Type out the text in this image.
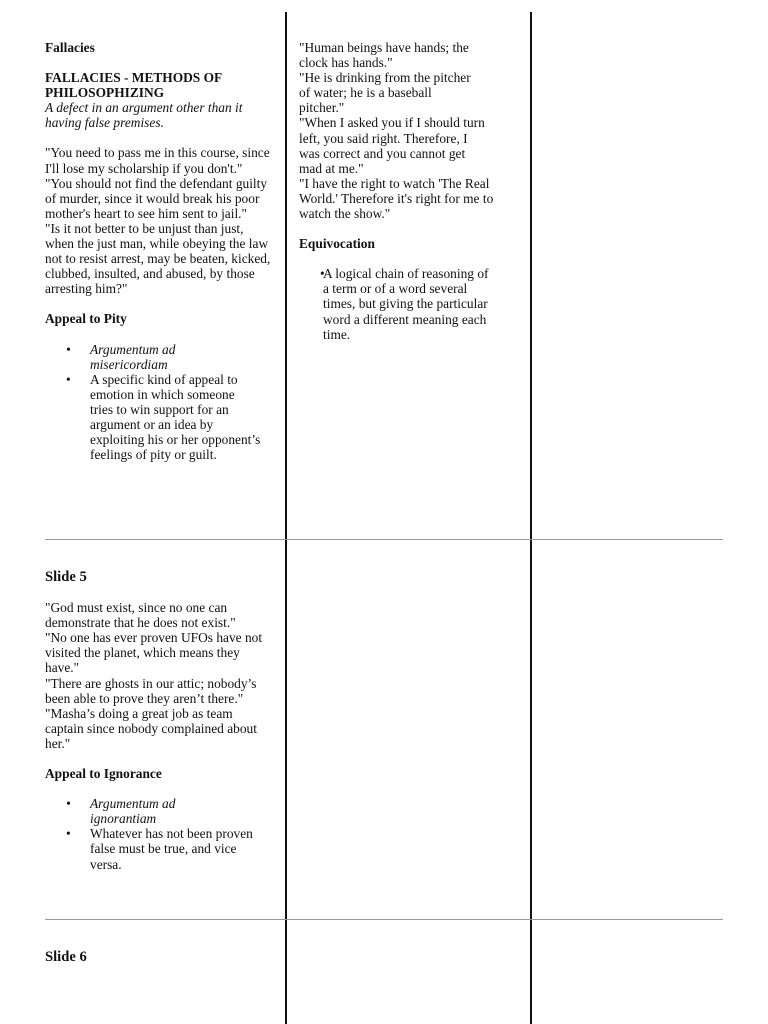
Fallacies
FALLACIES - METHODS OF PHILOSOPHIZING
A defect in an argument other than it having false premises.
"You need to pass me in this course, since I'll lose my scholarship if you don't."
"You should not find the defendant guilty of murder, since it would break his poor mother's heart to see him sent to jail."
"Is it not better to be unjust than just, when the just man, while obeying the law not to resist arrest, may be beaten, kicked, clubbed, insulted, and abused, by those arresting him?"
Appeal to Pity
• Argumentum ad misericordiam
• A specific kind of appeal to emotion in which someone tries to win support for an argument or an idea by exploiting his or her opponent’s feelings of pity or guilt.
"Human beings have hands; the clock has hands."
"He is drinking from the pitcher of water; he is a baseball pitcher."
"When I asked you if I should turn left, you said right. Therefore, I was correct and you cannot get mad at me."
"I have the right to watch 'The Real World.' Therefore it's right for me to watch the show."
Equivocation
• A logical chain of reasoning of a term or of a word several times, but giving the particular word a different meaning each time.
Slide 5
"God must exist, since no one can demonstrate that he does not exist."
"No one has ever proven UFOs have not visited the planet, which means they have."
"There are ghosts in our attic; nobody’s been able to prove they aren’t there."
"Masha’s doing a great job as team captain since nobody complained about her."
Appeal to Ignorance
• Argumentum ad ignorantiam
• Whatever has not been proven false must be true, and vice versa.
Slide 6
